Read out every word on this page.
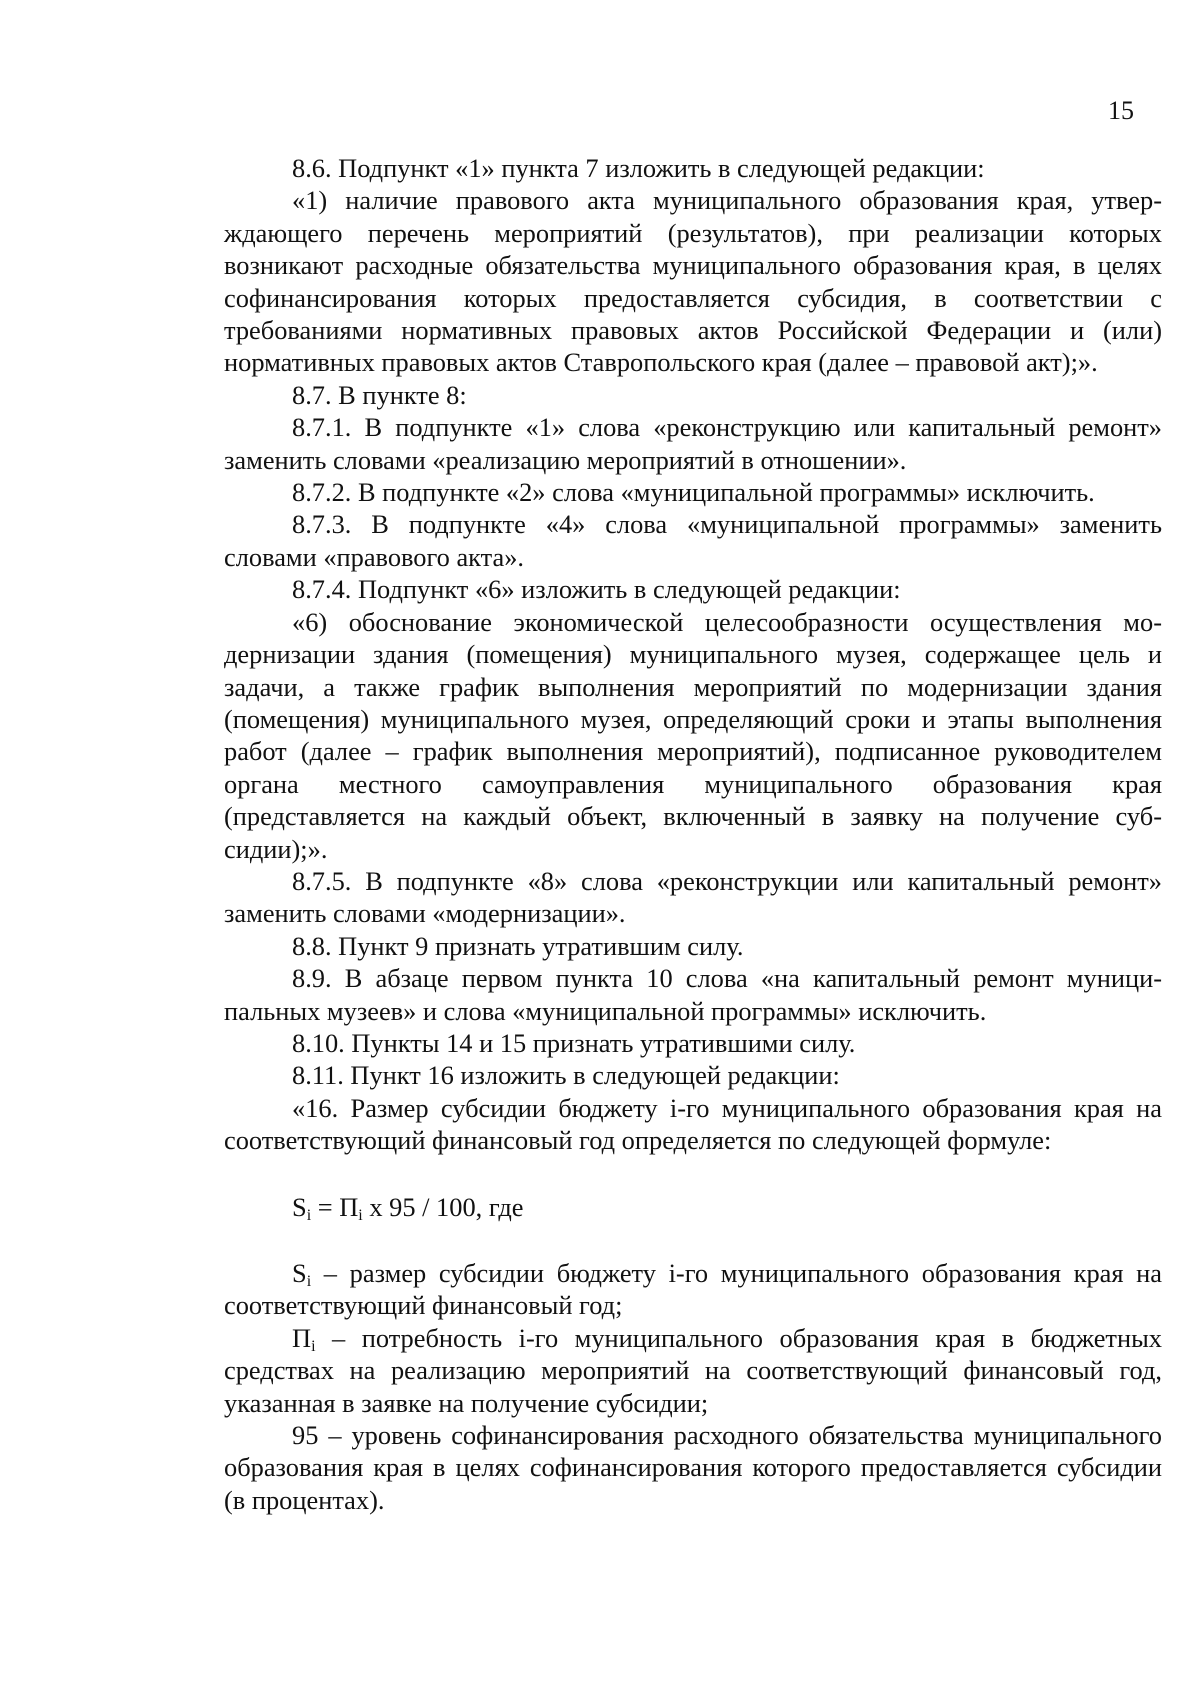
15

8.6. Подпункт «1» пункта 7 изложить в следующей редакции:

«1) наличие правового акта муниципального образования края, утверждающего перечень мероприятий (результатов), при реализации которых возникают расходные обязательства муниципального образования края, в целях софинансирования которых предоставляется субсидия, в соответствии с требованиями нормативных правовых актов Российской Федерации и (или) нормативных правовых актов Ставропольского края (далее – правовой акт);».

8.7. В пункте 8:

8.7.1. В подпункте «1» слова «реконструкцию или капитальный ремонт» заменить словами «реализацию мероприятий в отношении».

8.7.2. В подпункте «2» слова «муниципальной программы» исключить.

8.7.3. В подпункте «4» слова «муниципальной программы» заменить словами «правового акта».

8.7.4. Подпункт «6» изложить в следующей редакции:

«6) обоснование экономической целесообразности осуществления модернизации здания (помещения) муниципального музея, содержащее цель и задачи, а также график выполнения мероприятий по модернизации здания (помещения) муниципального музея, определяющий сроки и этапы выполнения работ (далее – график выполнения мероприятий), подписанное руководителем органа местного самоуправления муниципального образования края (представляется на каждый объект, включенный в заявку на получение субсидии);».

8.7.5. В подпункте «8» слова «реконструкции или капитальный ремонт» заменить словами «модернизации».

8.8. Пункт 9 признать утратившим силу.

8.9. В абзаце первом пункта 10 слова «на капитальный ремонт муниципальных музеев» и слова «муниципальной программы» исключить.

8.10. Пункты 14 и 15 признать утратившими силу.

8.11. Пункт 16 изложить в следующей редакции:

«16. Размер субсидии бюджету i-го муниципального образования края на соответствующий финансовый год определяется по следующей формуле:

$S_i = П_i$ х 95 / 100, где

$S_i$ – размер субсидии бюджету i-го муниципального образования края на соответствующий финансовый год;

$П_i$ – потребность i-го муниципального образования края в бюджетных средствах на реализацию мероприятий на соответствующий финансовый год, указанная в заявке на получение субсидии;

95 – уровень софинансирования расходного обязательства муниципального образования края в целях софинансирования которого предоставляется субсидии (в процентах).
